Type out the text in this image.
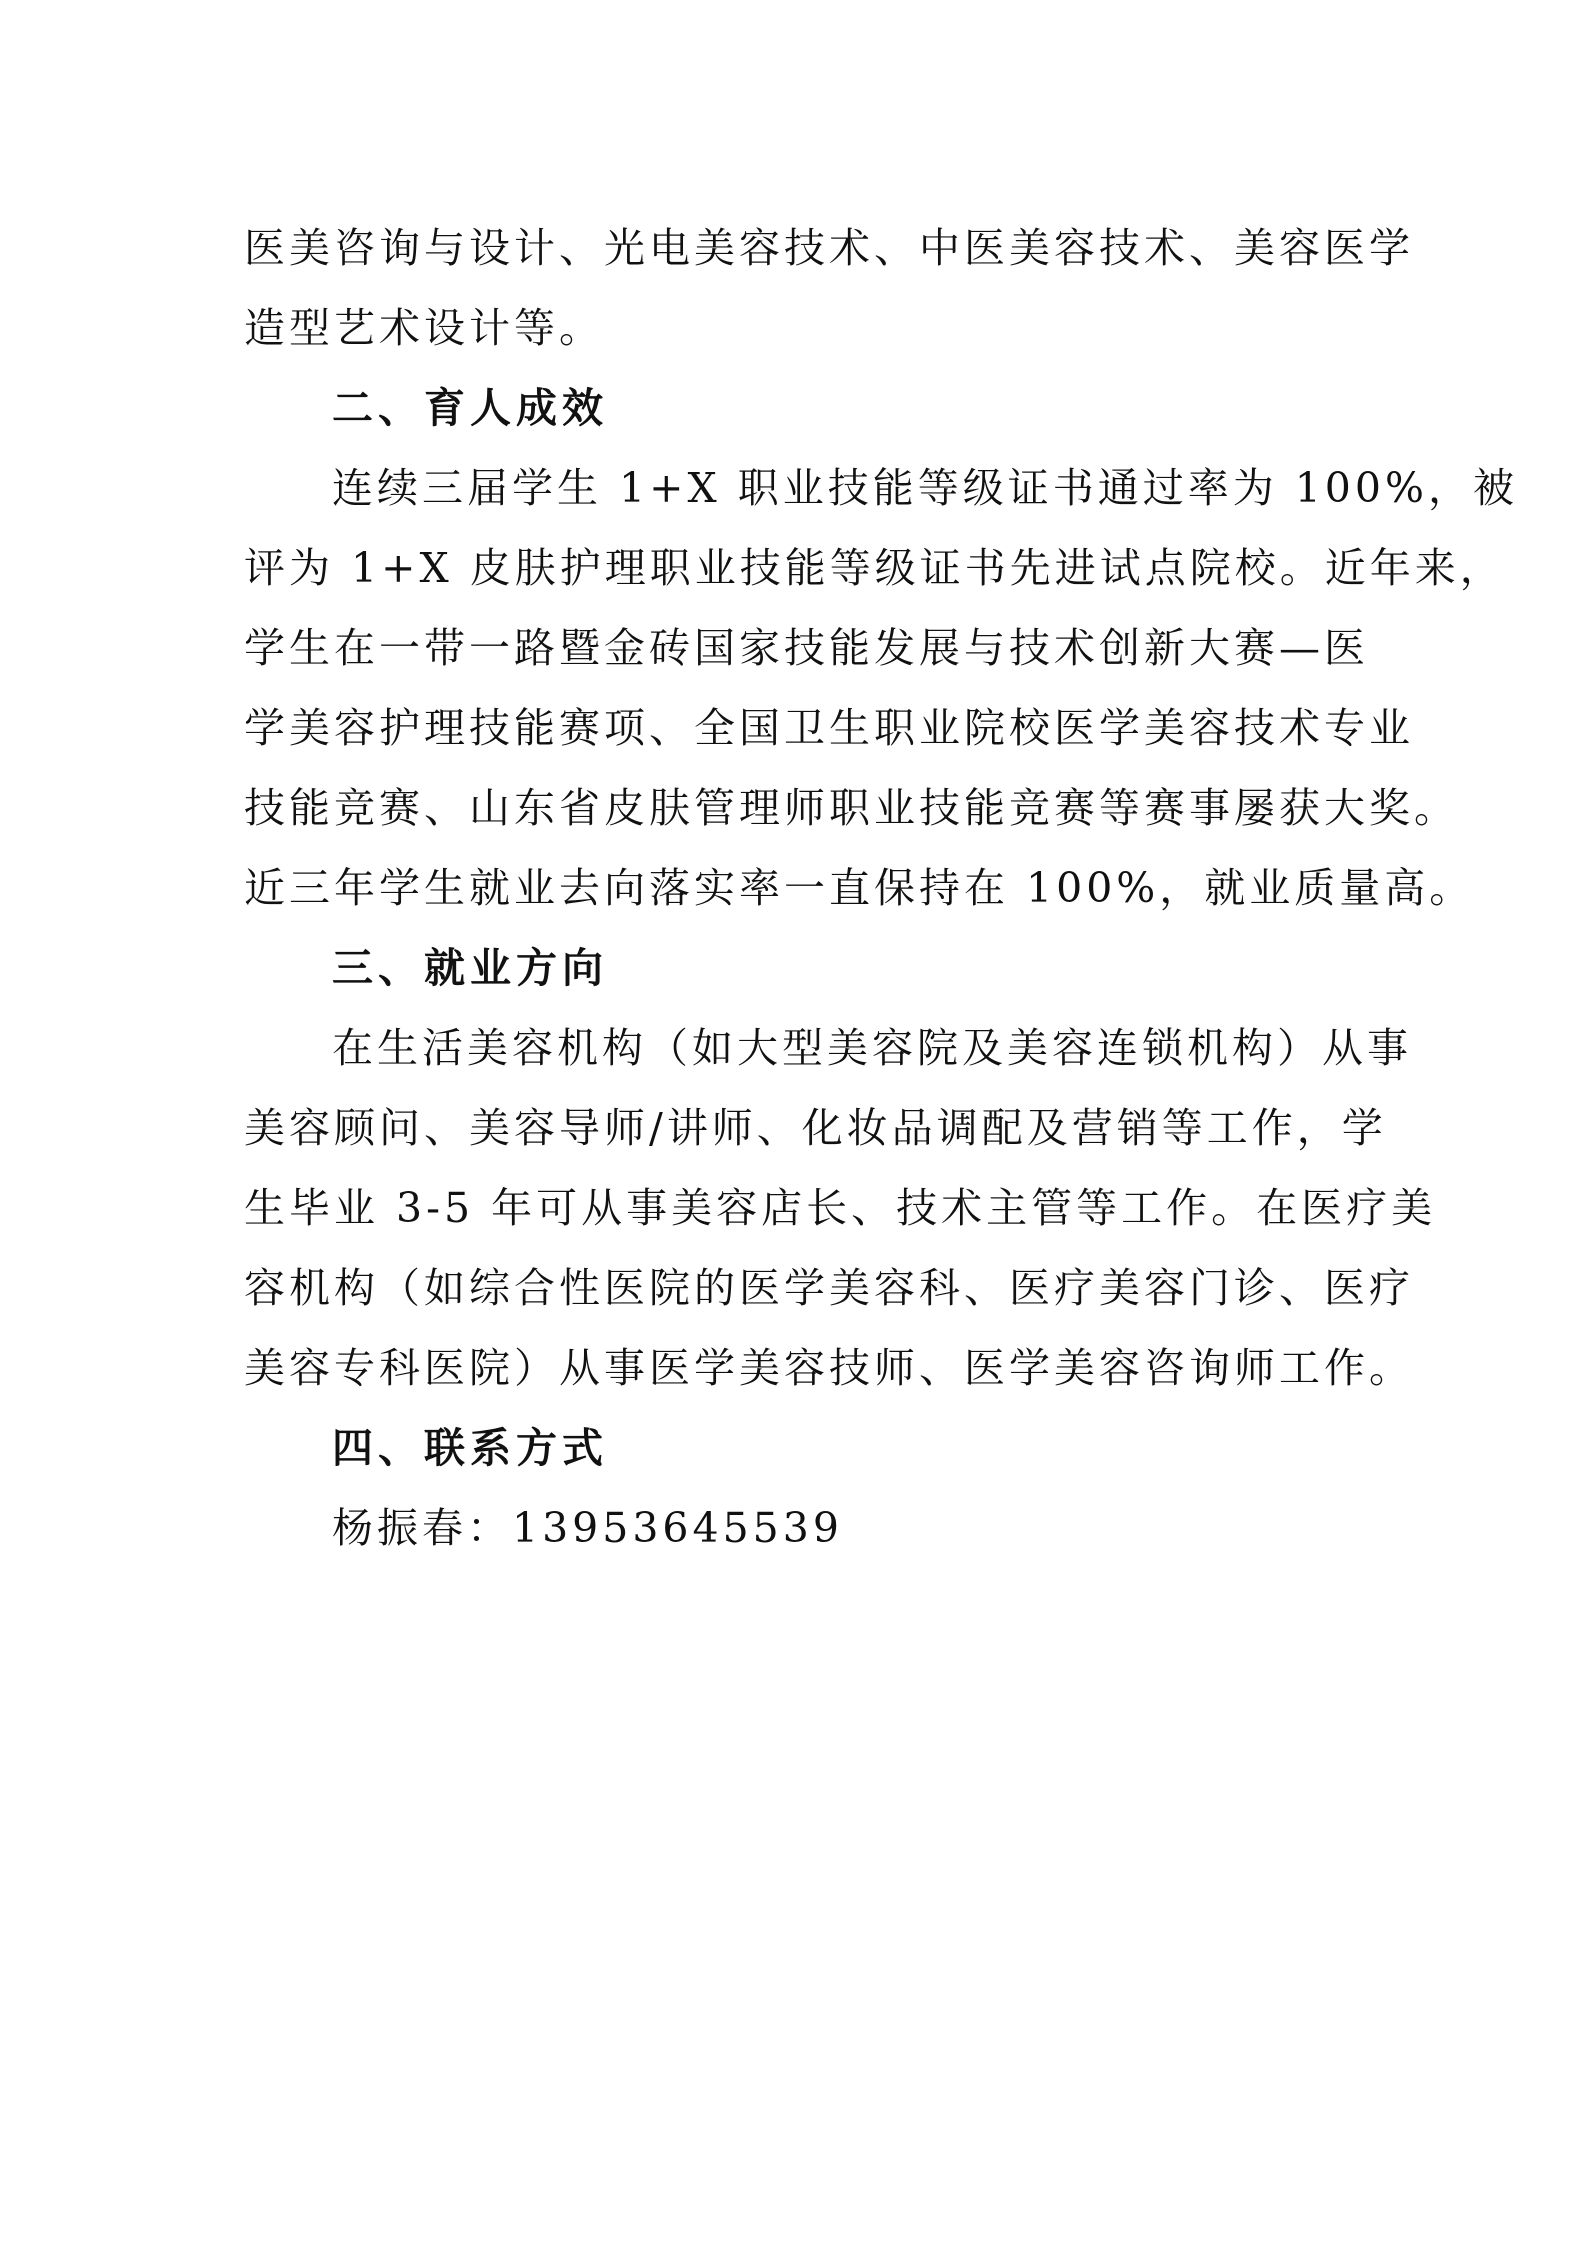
医美咨询与设计、光电美容技术、中医美容技术、美容医学
造型艺术设计等。
二、育人成效
连续三届学生 1+X 职业技能等级证书通过率为 100%，被
评为 1+X 皮肤护理职业技能等级证书先进试点院校。近年来，
学生在一带一路暨金砖国家技能发展与技术创新大赛—医
学美容护理技能赛项、全国卫生职业院校医学美容技术专业
技能竞赛、山东省皮肤管理师职业技能竞赛等赛事屡获大奖。
近三年学生就业去向落实率一直保持在 100%，就业质量高。
三、就业方向
在生活美容机构（如大型美容院及美容连锁机构）从事
美容顾问、美容导师/讲师、化妆品调配及营销等工作，学
生毕业 3-5 年可从事美容店长、技术主管等工作。在医疗美
容机构（如综合性医院的医学美容科、医疗美容门诊、医疗
美容专科医院）从事医学美容技师、医学美容咨询师工作。
四、联系方式
杨振春：13953645539
